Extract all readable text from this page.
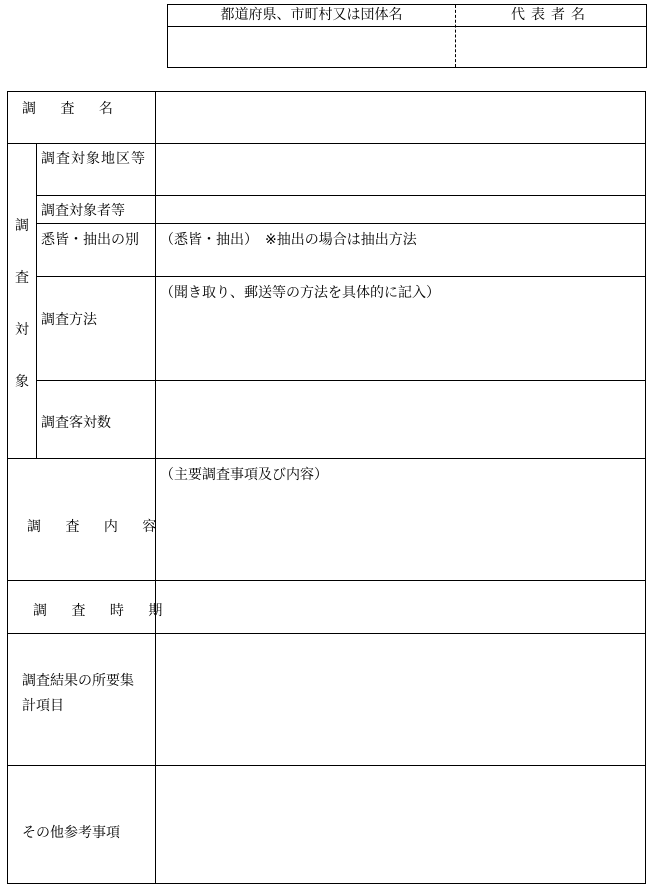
都道府県、市町村又は団体名	代表者名
調 査 名
調
査
対
象
調査対象地区等
調査対象者等
悉皆・抽出の別 （悉皆・抽出）　※抽出の場合は抽出方法
調査方法
（聞き取り、郵送等の方法を具体的に記入）
調査客対数
調 査 内 容
（主要調査事項及び内容）
調 査 時 期
調査結果の所要集計項目
その他参考事項
